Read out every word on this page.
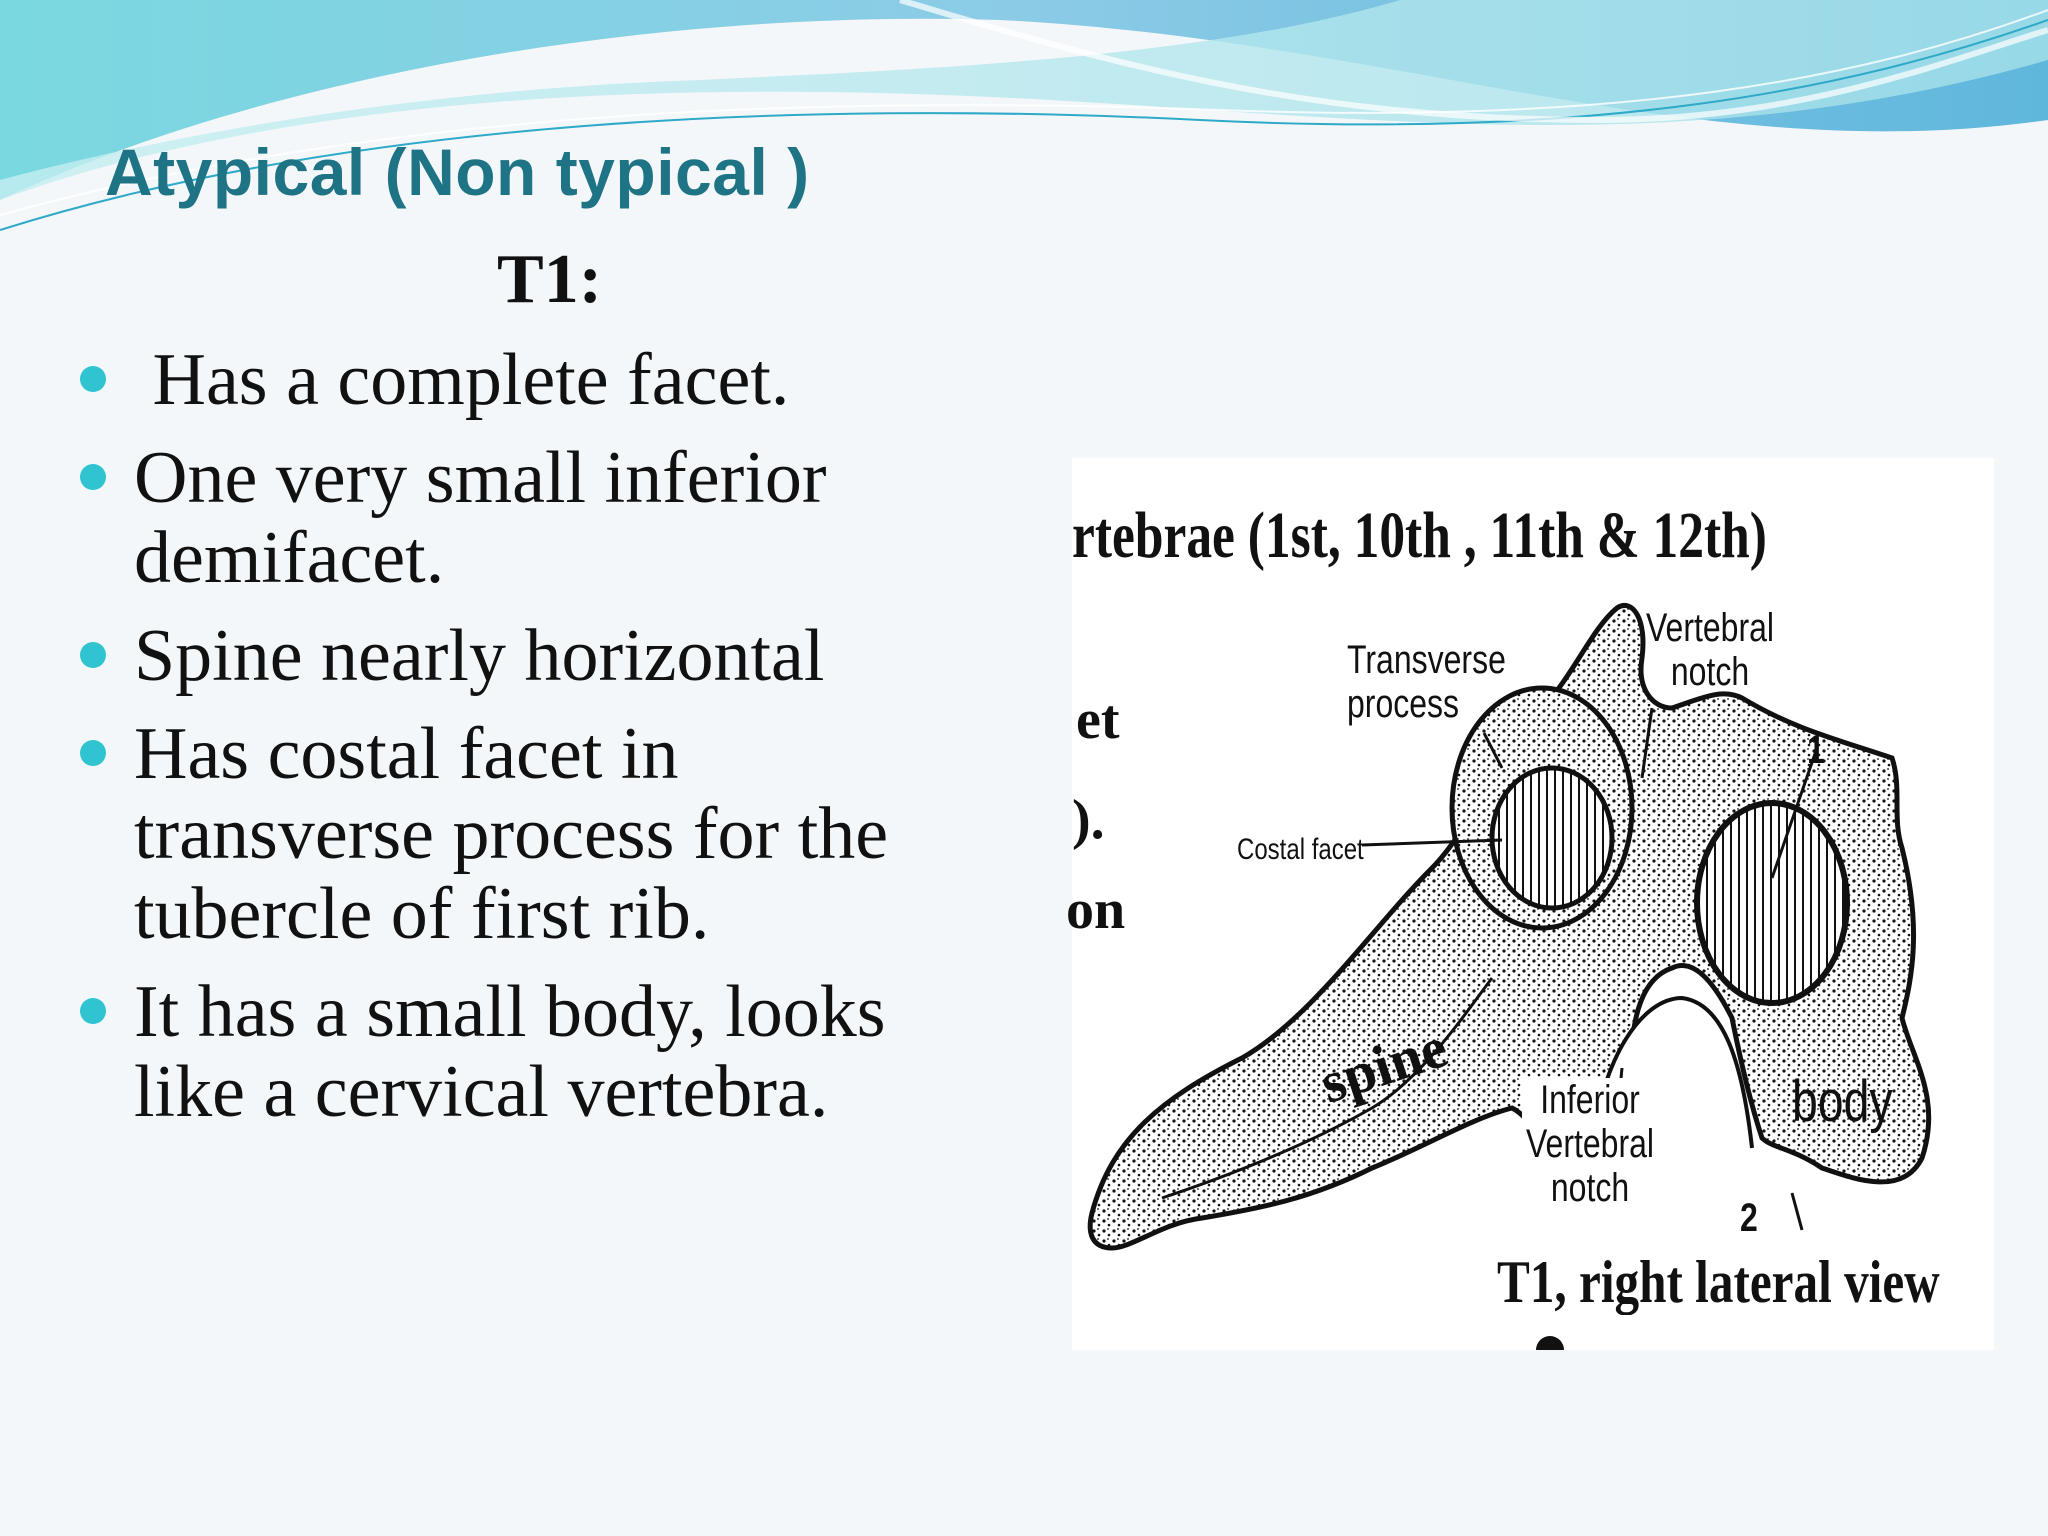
Atypical (Non typical )
T1:
Has a complete facet.
One very small inferior demifacet.
Spine nearly horizontal
Has costal facet in transverse process for the tubercle of first rib.
It has a small body, looks like a cervical vertebra.
rtebrae (1st, 10th , 11th & 12th)
et
).
on
Transverse process
Vertebral notch
Costal facet
spine	body
Inferior Vertebral notch
1
2
T1, right lateral view
